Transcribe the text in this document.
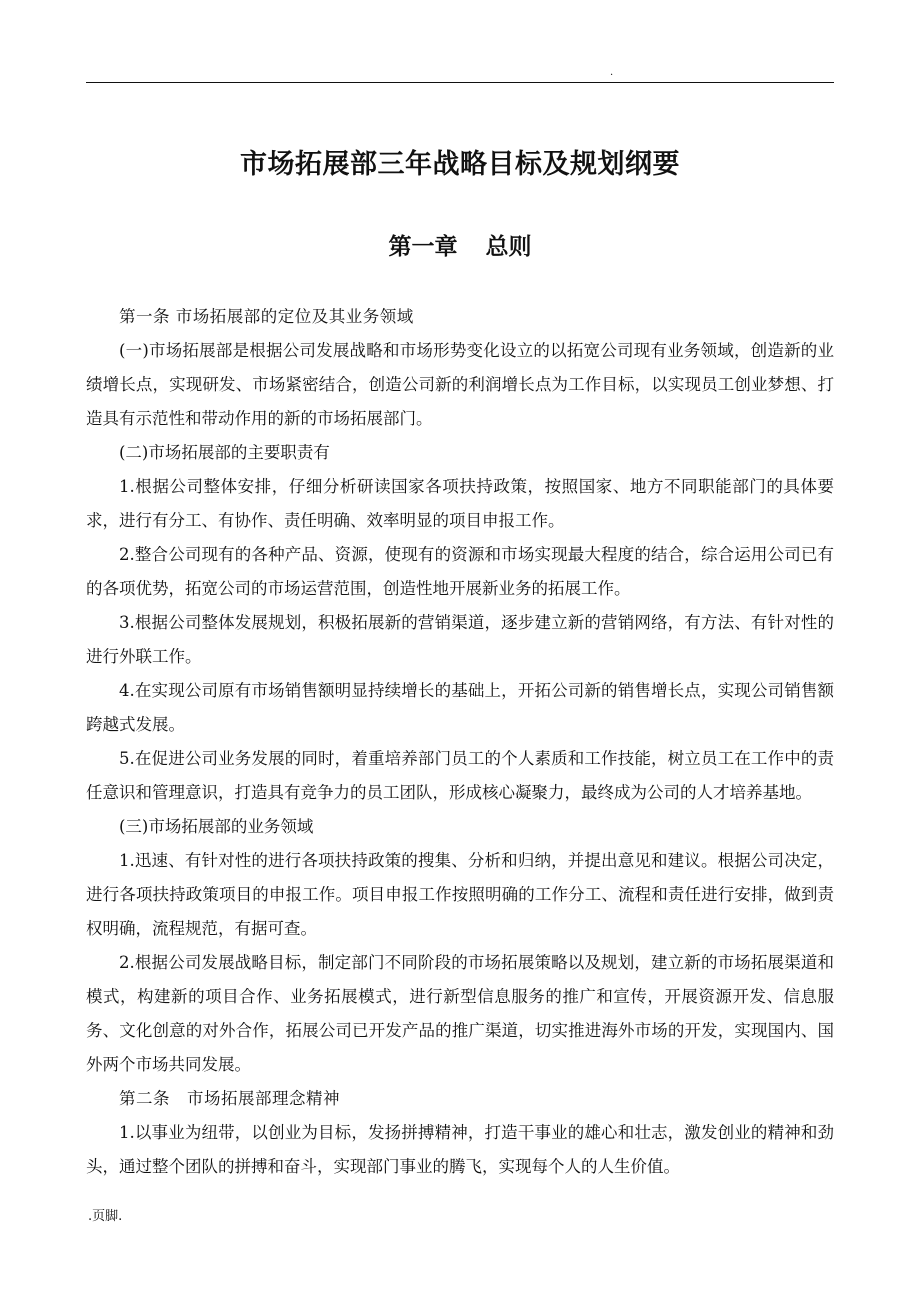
.
市场拓展部三年战略目标及规划纲要
第一章 总则

第一条 市场拓展部的定位及其业务领域

(一)市场拓展部是根据公司发展战略和市场形势变化设立的以拓宽公司现有业务领域，创造新的业绩增长点，实现研发、市场紧密结合，创造公司新的利润增长点为工作目标，以实现员工创业梦想、打造具有示范性和带动作用的新的市场拓展部门。

(二)市场拓展部的主要职责有

1.根据公司整体安排，仔细分析研读国家各项扶持政策，按照国家、地方不同职能部门的具体要求，进行有分工、有协作、责任明确、效率明显的项目申报工作。

2.整合公司现有的各种产品、资源，使现有的资源和市场实现最大程度的结合，综合运用公司已有的各项优势，拓宽公司的市场运营范围，创造性地开展新业务的拓展工作。

3.根据公司整体发展规划，积极拓展新的营销渠道，逐步建立新的营销网络，有方法、有针对性的进行外联工作。

4.在实现公司原有市场销售额明显持续增长的基础上，开拓公司新的销售增长点，实现公司销售额跨越式发展。

5.在促进公司业务发展的同时，着重培养部门员工的个人素质和工作技能，树立员工在工作中的责任意识和管理意识，打造具有竞争力的员工团队，形成核心凝聚力，最终成为公司的人才培养基地。

(三)市场拓展部的业务领域

1.迅速、有针对性的进行各项扶持政策的搜集、分析和归纳，并提出意见和建议。根据公司决定，进行各项扶持政策项目的申报工作。项目申报工作按照明确的工作分工、流程和责任进行安排，做到责权明确，流程规范，有据可查。

2.根据公司发展战略目标，制定部门不同阶段的市场拓展策略以及规划，建立新的市场拓展渠道和模式，构建新的项目合作、业务拓展模式，进行新型信息服务的推广和宣传，开展资源开发、信息服务、文化创意的对外合作，拓展公司已开发产品的推广渠道，切实推进海外市场的开发，实现国内、国外两个市场共同发展。

第二条　市场拓展部理念精神

1.以事业为纽带，以创业为目标，发扬拼搏精神，打造干事业的雄心和壮志，激发创业的精神和劲头，通过整个团队的拼搏和奋斗，实现部门事业的腾飞，实现每个人的人生价值。

.页脚.
